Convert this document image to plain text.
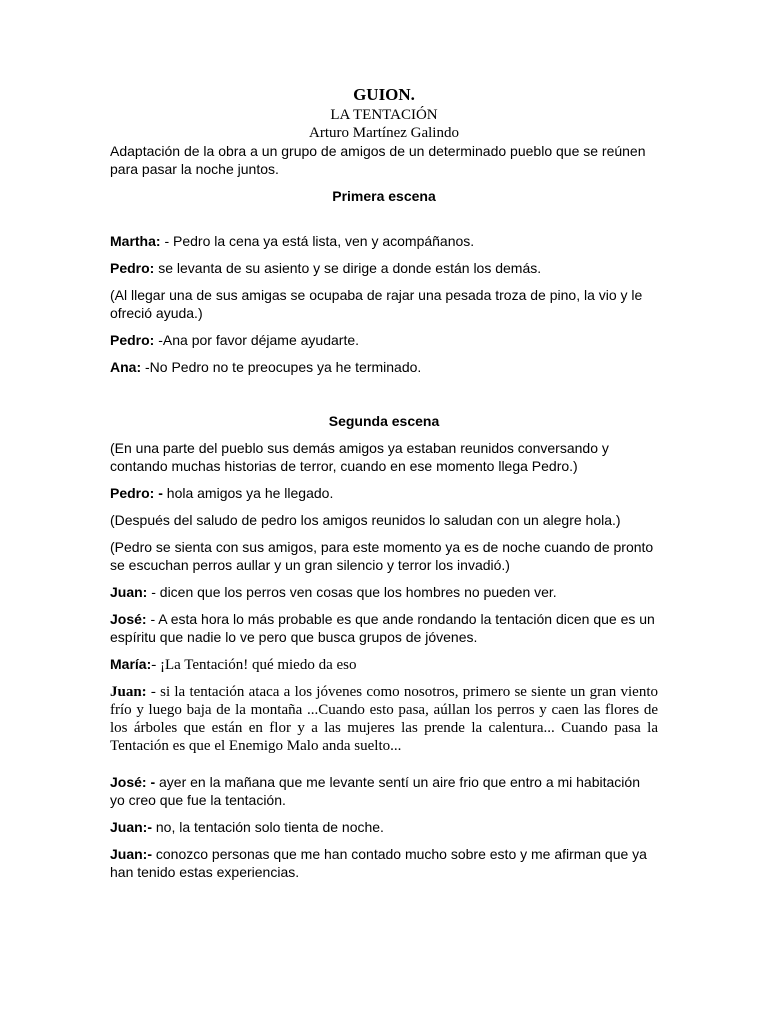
GUION.
LA TENTACIÓN
Arturo Martínez Galindo

Adaptación de la obra a un grupo de amigos de un determinado pueblo que se reúnen para pasar la noche juntos.

Primera escena

Martha: - Pedro la cena ya está lista, ven y acompáñanos.

Pedro: se levanta de su asiento y se dirige a donde están los demás.

(Al llegar una de sus amigas se ocupaba de rajar una pesada troza de pino, la vio y le ofreció ayuda.)

Pedro: -Ana por favor déjame ayudarte.

Ana: -No Pedro no te preocupes ya he terminado.

Segunda escena

(En una parte del pueblo sus demás amigos ya estaban reunidos conversando y contando muchas historias de terror, cuando en ese momento llega Pedro.)

Pedro: - hola amigos ya he llegado.

(Después del saludo de pedro los amigos reunidos lo saludan con un alegre hola.)

(Pedro se sienta con sus amigos, para este momento ya es de noche cuando de pronto se escuchan perros aullar y un gran silencio y terror los invadió.)

Juan: - dicen que los perros ven cosas que los hombres no pueden ver.

José: - A esta hora lo más probable es que ande rondando la tentación dicen que es un espíritu que nadie lo ve pero que busca grupos de jóvenes.

María:- ¡La Tentación! qué miedo da eso

Juan: - si la tentación ataca a los jóvenes como nosotros, primero se siente un gran viento frío y luego baja de la montaña ...Cuando esto pasa, aúllan los perros y caen las flores de los árboles que están en flor y a las mujeres las prende la calentura... Cuando pasa la Tentación es que el Enemigo Malo anda suelto...

José: - ayer en la mañana que me levante sentí un aire frio que entro a mi habitación yo creo que fue la tentación.

Juan:- no, la tentación solo tienta de noche.

Juan:- conozco personas que me han contado mucho sobre esto y me afirman que ya han tenido estas experiencias.
